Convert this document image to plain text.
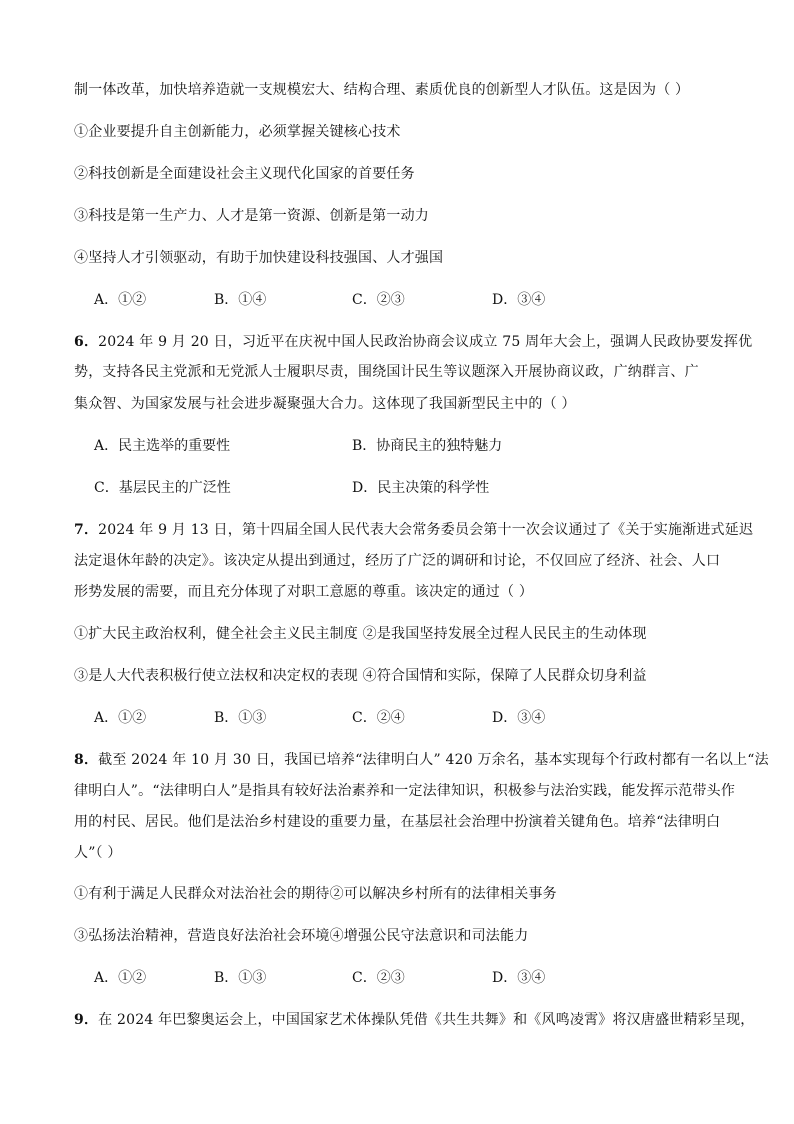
制一体改革，加快培养造就一支规模宏大、结构合理、素质优良的创新型人才队伍。这是因为（ ）
①企业要提升自主创新能力，必须掌握关键核心技术
②科技创新是全面建设社会主义现代化国家的首要任务
③科技是第一生产力、人才是第一资源、创新是第一动力
④坚持人才引领驱动，有助于加快建设科技强国、人才强国
A．①②	B．①④	C．②③	D．③④
6．2024 年 9 月 20 日，习近平在庆祝中国人民政治协商会议成立 75 周年大会上，强调人民政协要发挥优
势，支持各民主党派和无党派人士履职尽责，围绕国计民生等议题深入开展协商议政，广纳群言、广
集众智、为国家发展与社会进步凝聚强大合力。这体现了我国新型民主中的（ ）
A．民主选举的重要性	B．协商民主的独特魅力
C．基层民主的广泛性	D．民主决策的科学性
7．2024 年 9 月 13 日，第十四届全国人民代表大会常务委员会第十一次会议通过了《关于实施渐进式延迟
法定退休年龄的决定》。该决定从提出到通过，经历了广泛的调研和讨论，不仅回应了经济、社会、人口
形势发展的需要，而且充分体现了对职工意愿的尊重。该决定的通过（ ）
①扩大民主政治权利，健全社会主义民主制度 ②是我国坚持发展全过程人民民主的生动体现
③是人大代表积极行使立法权和决定权的表现 ④符合国情和实际，保障了人民群众切身利益
A．①②	B．①③	C．②④	D．③④
8．截至 2024 年 10 月 30 日，我国已培养“法律明白人” 420 万余名，基本实现每个行政村都有一名以上“法
律明白人”。“法律明白人”是指具有较好法治素养和一定法律知识，积极参与法治实践，能发挥示范带头作
用的村民、居民。他们是法治乡村建设的重要力量，在基层社会治理中扮演着关键角色。培养“法律明白
人”（ ）
①有利于满足人民群众对法治社会的期待②可以解决乡村所有的法律相关事务
③弘扬法治精神，营造良好法治社会环境④增强公民守法意识和司法能力
A．①②	B．①③	C．②③	D．③④
9．在 2024 年巴黎奥运会上，中国国家艺术体操队凭借《共生共舞》和《风鸣凌霄》将汉唐盛世精彩呈现，
